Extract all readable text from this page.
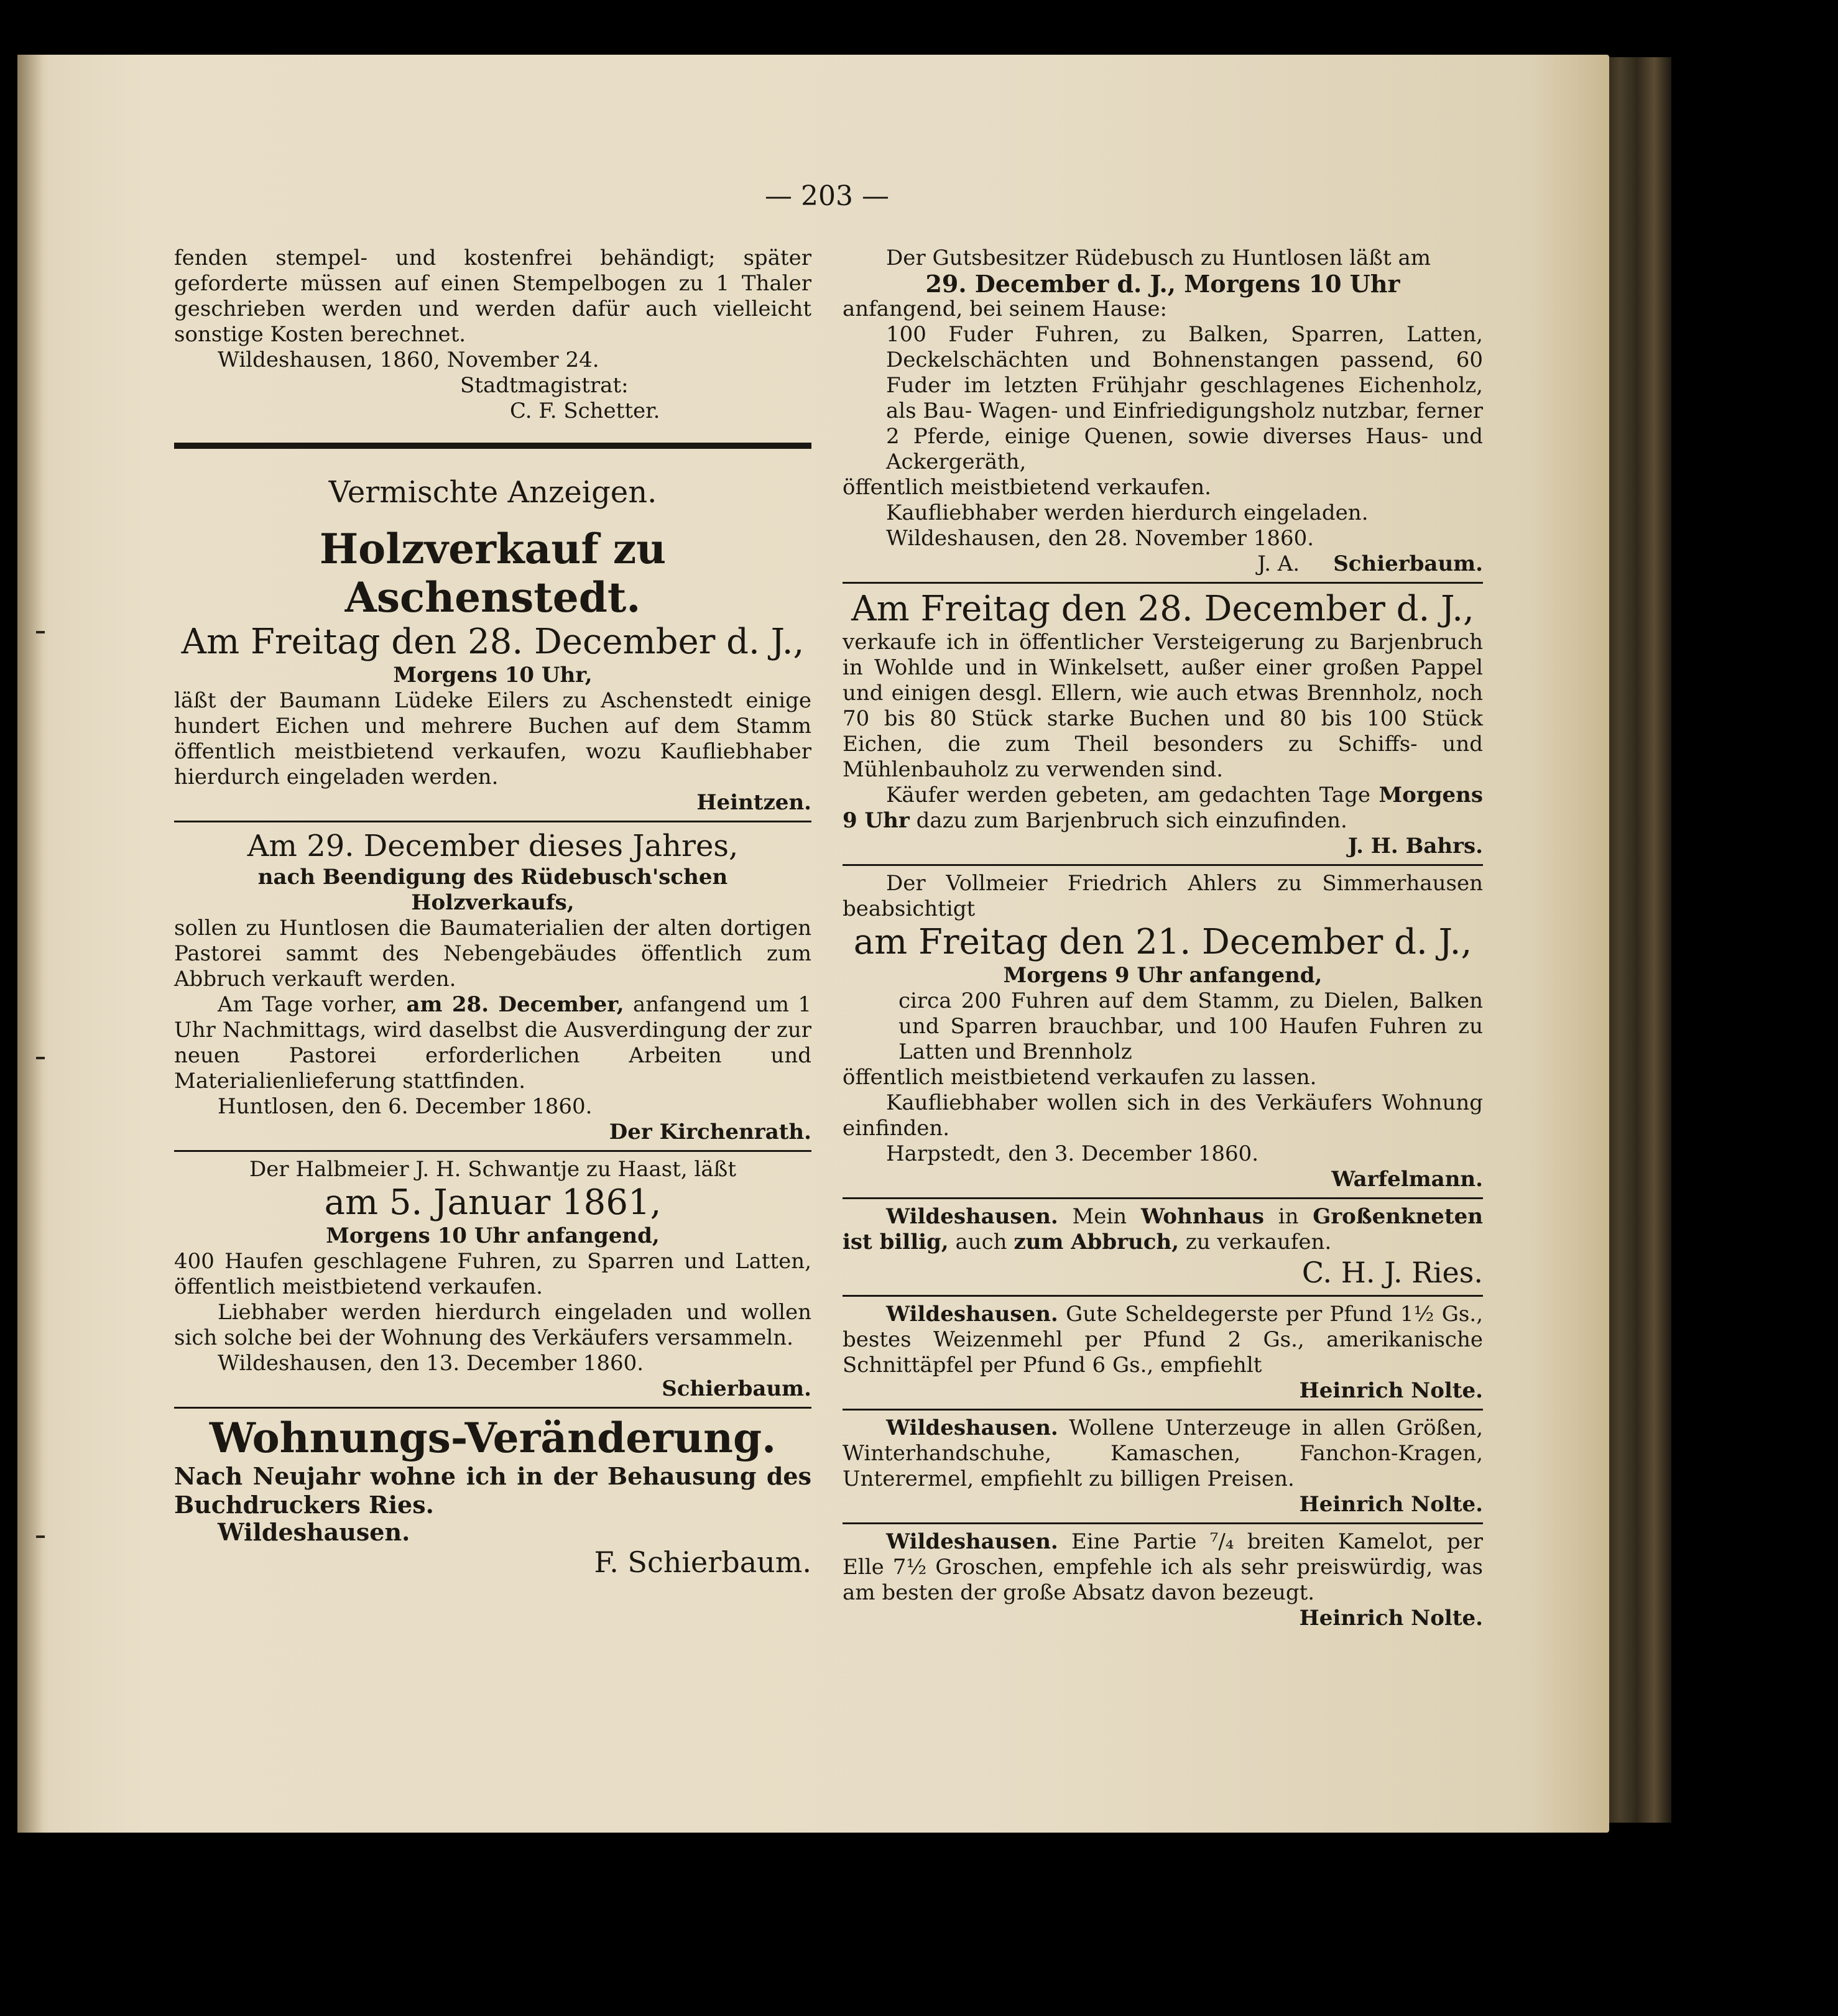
— 203 —

fenden stempel- und kostenfrei behändigt; später geforderte müssen auf einen Stempelbogen zu 1 Thaler geschrieben werden und werden dafür auch vielleicht sonstige Kosten berechnet.

Wildeshausen, 1860, November 24.

Stadtmagistrat:

C. F. Schetter.

Vermischte Anzeigen.

Holzverkauf zu Aschenstedt.

Am Freitag den 28. December d. J.,

Morgens 10 Uhr,

läßt der Baumann Lüdeke Eilers zu Aschenstedt einige hundert Eichen und mehrere Buchen auf dem Stamm öffentlich meistbietend verkaufen, wozu Kaufliebhaber hierdurch eingeladen werden.

Heintzen.

Am 29. December dieses Jahres,

nach Beendigung des Rüdebusch'schen Holzverkaufs,

sollen zu Huntlosen die Baumaterialien der alten dortigen Pastorei sammt des Nebengebäudes öffentlich zum Abbruch verkauft werden.

Am Tage vorher, am 28. December, anfangend um 1 Uhr Nachmittags, wird daselbst die Ausverdingung der zur neuen Pastorei erforderlichen Arbeiten und Materialienlieferung stattfinden.

Huntlosen, den 6. December 1860.

Der Kirchenrath.

Der Halbmeier J. H. Schwantje zu Haast, läßt

am 5. Januar 1861,

Morgens 10 Uhr anfangend,

400 Haufen geschlagene Fuhren, zu Sparren und Latten, öffentlich meistbietend verkaufen.

Liebhaber werden hierdurch eingeladen und wollen sich solche bei der Wohnung des Verkäufers versammeln.

Wildeshausen, den 13. December 1860.

Schierbaum.

Wohnungs-Veränderung.

Nach Neujahr wohne ich in der Behausung des Buchdruckers Ries.

Wildeshausen.

F. Schierbaum.

Der Gutsbesitzer Rüdebusch zu Huntlosen läßt am

29. December d. J., Morgens 10 Uhr

anfangend, bei seinem Hause:

100 Fuder Fuhren, zu Balken, Sparren, Latten, Deckelschächten und Bohnenstangen passend, 60 Fuder im letzten Frühjahr geschlagenes Eichenholz, als Bau- Wagen- und Einfriedigungsholz nutzbar, ferner 2 Pferde, einige Quenen, sowie diverses Haus- und Ackergeräth,

öffentlich meistbietend verkaufen.

Kaufliebhaber werden hierdurch eingeladen.

Wildeshausen, den 28. November 1860.

J. A. Schierbaum.

Am Freitag den 28. December d. J.,

verkaufe ich in öffentlicher Versteigerung zu Barjenbruch in Wohlde und in Winkelsett, außer einer großen Pappel und einigen desgl. Ellern, wie auch etwas Brennholz, noch 70 bis 80 Stück starke Buchen und 80 bis 100 Stück Eichen, die zum Theil besonders zu Schiffs- und Mühlenbauholz zu verwenden sind.

Käufer werden gebeten, am gedachten Tage Morgens 9 Uhr dazu zum Barjenbruch sich einzufinden.

J. H. Bahrs.

Der Vollmeier Friedrich Ahlers zu Simmerhausen beabsichtigt

am Freitag den 21. December d. J.,

Morgens 9 Uhr anfangend,

circa 200 Fuhren auf dem Stamm, zu Dielen, Balken und Sparren brauchbar, und 100 Haufen Fuhren zu Latten und Brennholz

öffentlich meistbietend verkaufen zu lassen.

Kaufliebhaber wollen sich in des Verkäufers Wohnung einfinden.

Harpstedt, den 3. December 1860.

Warfelmann.

Wildeshausen. Mein Wohnhaus in Großenkneten ist billig, auch zum Abbruch, zu verkaufen.

C. H. J. Ries.

Wildeshausen. Gute Scheldegerste per Pfund 1½ Gs., bestes Weizenmehl per Pfund 2 Gs., amerikanische Schnittäpfel per Pfund 6 Gs., empfiehlt

Heinrich Nolte.

Wildeshausen. Wollene Unterzeuge in allen Größen, Winterhandschuhe, Kamaschen, Fanchon-Kragen, Unterermel, empfiehlt zu billigen Preisen.

Heinrich Nolte.

Wildeshausen. Eine Partie ⁷/₄ breiten Kamelot, per Elle 7½ Groschen, empfehle ich als sehr preiswürdig, was am besten der große Absatz davon bezeugt.

Heinrich Nolte.
